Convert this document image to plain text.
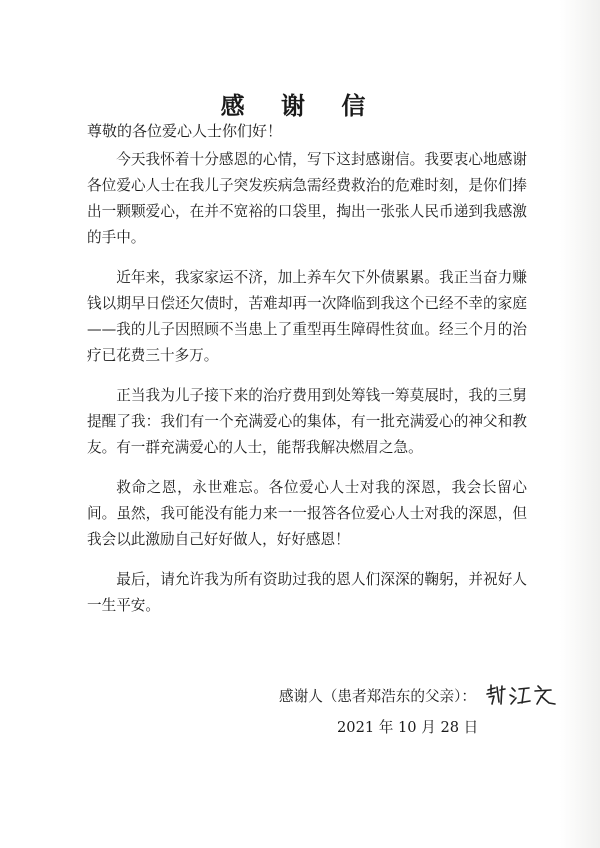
感 谢 信
尊敬的各位爱心人士你们好！

今天我怀着十分感恩的心情，写下这封感谢信。我要衷心地感谢各位爱心人士在我儿子突发疾病急需经费救治的危难时刻，是你们捧出一颗颗爱心，在并不宽裕的口袋里，掏出一张张人民币递到我感激的手中。

近年来，我家家运不济，加上养车欠下外债累累。我正当奋力赚钱以期早日偿还欠债时，苦难却再一次降临到我这个已经不幸的家庭——我的儿子因照顾不当患上了重型再生障碍性贫血。经三个月的治疗已花费三十多万。

正当我为儿子接下来的治疗费用到处筹钱一筹莫展时，我的三舅提醒了我：我们有一个充满爱心的集体，有一批充满爱心的神父和教友。有一群充满爱心的人士，能帮我解决燃眉之急。

救命之恩，永世难忘。各位爱心人士对我的深恩，我会长留心间。虽然，我可能没有能力来一一报答各位爱心人士对我的深恩，但我会以此激励自己好好做人，好好感恩！

最后，请允许我为所有资助过我的恩人们深深的鞠躬，并祝好人一生平安。

感谢人（患者郑浩东的父亲）：
2021 年 10 月 28 日
